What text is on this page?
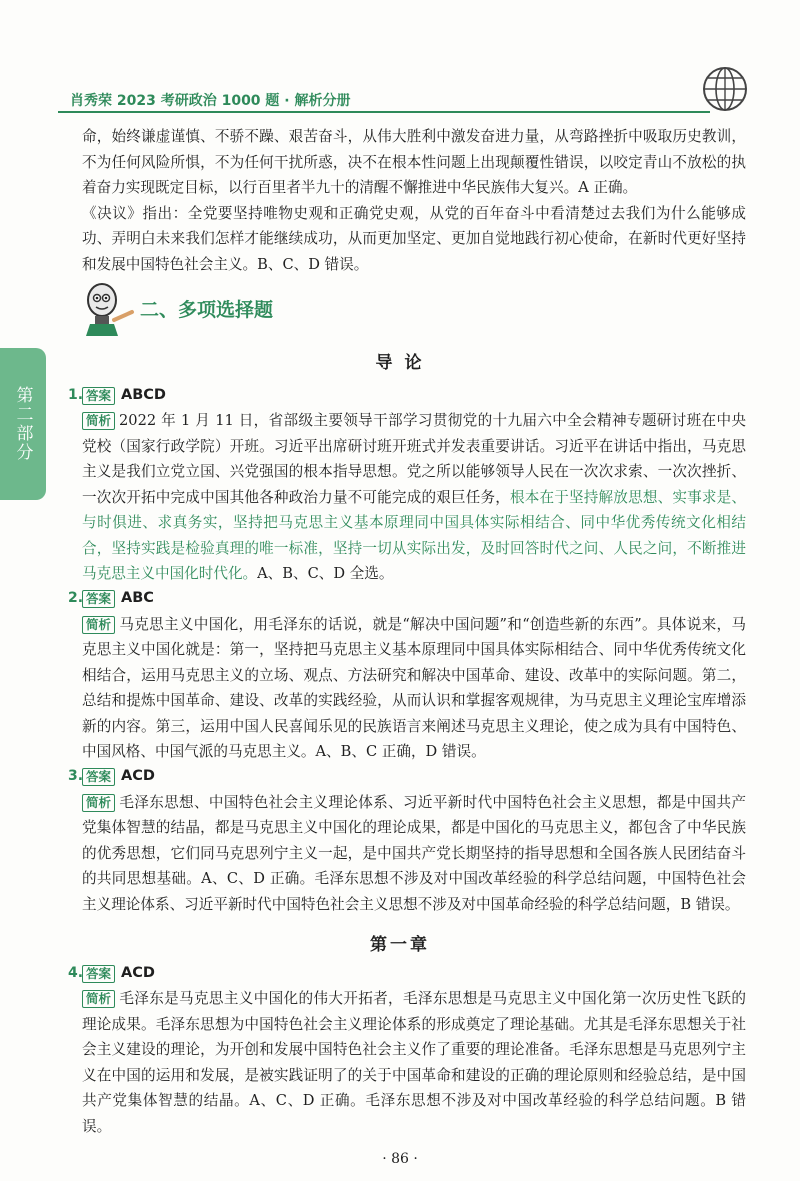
肖秀荣 2023 考研政治 1000 题 · 解析分册
第二部分

命，始终谦虚谨慎、不骄不躁、艰苦奋斗，从伟大胜利中激发奋进力量，从弯路挫折中吸取历史教训，不为任何风险所惧，不为任何干扰所惑，决不在根本性问题上出现颠覆性错误，以咬定青山不放松的执着奋力实现既定目标，以行百里者半九十的清醒不懈推进中华民族伟大复兴。A 正确。

《决议》指出：全党要坚持唯物史观和正确党史观，从党的百年奋斗中看清楚过去我们为什么能够成功、弄明白未来我们怎样才能继续成功，从而更加坚定、更加自觉地践行初心使命，在新时代更好坚持和发展中国特色社会主义。B、C、D 错误。

二、多项选择题
导 论
1. 答案 ABCD

简析 2022 年 1 月 11 日，省部级主要领导干部学习贯彻党的十九届六中全会精神专题研讨班在中央党校（国家行政学院）开班。习近平出席研讨班开班式并发表重要讲话。习近平在讲话中指出，马克思主义是我们立党立国、兴党强国的根本指导思想。党之所以能够领导人民在一次次求索、一次次挫折、一次次开拓中完成中国其他各种政治力量不可能完成的艰巨任务，根本在于坚持解放思想、实事求是、与时俱进、求真务实，坚持把马克思主义基本原理同中国具体实际相结合、同中华优秀传统文化相结合，坚持实践是检验真理的唯一标准，坚持一切从实际出发，及时回答时代之问、人民之问，不断推进马克思主义中国化时代化。A、B、C、D 全选。

2. 答案 ABC

简析 马克思主义中国化，用毛泽东的话说，就是“解决中国问题”和“创造些新的东西”。具体说来，马克思主义中国化就是：第一，坚持把马克思主义基本原理同中国具体实际相结合、同中华优秀传统文化相结合，运用马克思主义的立场、观点、方法研究和解决中国革命、建设、改革中的实际问题。第二，总结和提炼中国革命、建设、改革的实践经验，从而认识和掌握客观规律，为马克思主义理论宝库增添新的内容。第三，运用中国人民喜闻乐见的民族语言来阐述马克思主义理论，使之成为具有中国特色、中国风格、中国气派的马克思主义。A、B、C 正确，D 错误。

3. 答案 ACD

简析 毛泽东思想、中国特色社会主义理论体系、习近平新时代中国特色社会主义思想，都是中国共产党集体智慧的结晶，都是马克思主义中国化的理论成果，都是中国化的马克思主义，都包含了中华民族的优秀思想，它们同马克思列宁主义一起，是中国共产党长期坚持的指导思想和全国各族人民团结奋斗的共同思想基础。A、C、D 正确。毛泽东思想不涉及对中国改革经验的科学总结问题，中国特色社会主义理论体系、习近平新时代中国特色社会主义思想不涉及对中国革命经验的科学总结问题，B 错误。

第一章
4. 答案 ACD

简析 毛泽东是马克思主义中国化的伟大开拓者，毛泽东思想是马克思主义中国化第一次历史性飞跃的理论成果。毛泽东思想为中国特色社会主义理论体系的形成奠定了理论基础。尤其是毛泽东思想关于社会主义建设的理论，为开创和发展中国特色社会主义作了重要的理论准备。毛泽东思想是马克思列宁主义在中国的运用和发展，是被实践证明了的关于中国革命和建设的正确的理论原则和经验总结，是中国共产党集体智慧的结晶。A、C、D 正确。毛泽东思想不涉及对中国改革经验的科学总结问题。B 错误。

· 86 ·
